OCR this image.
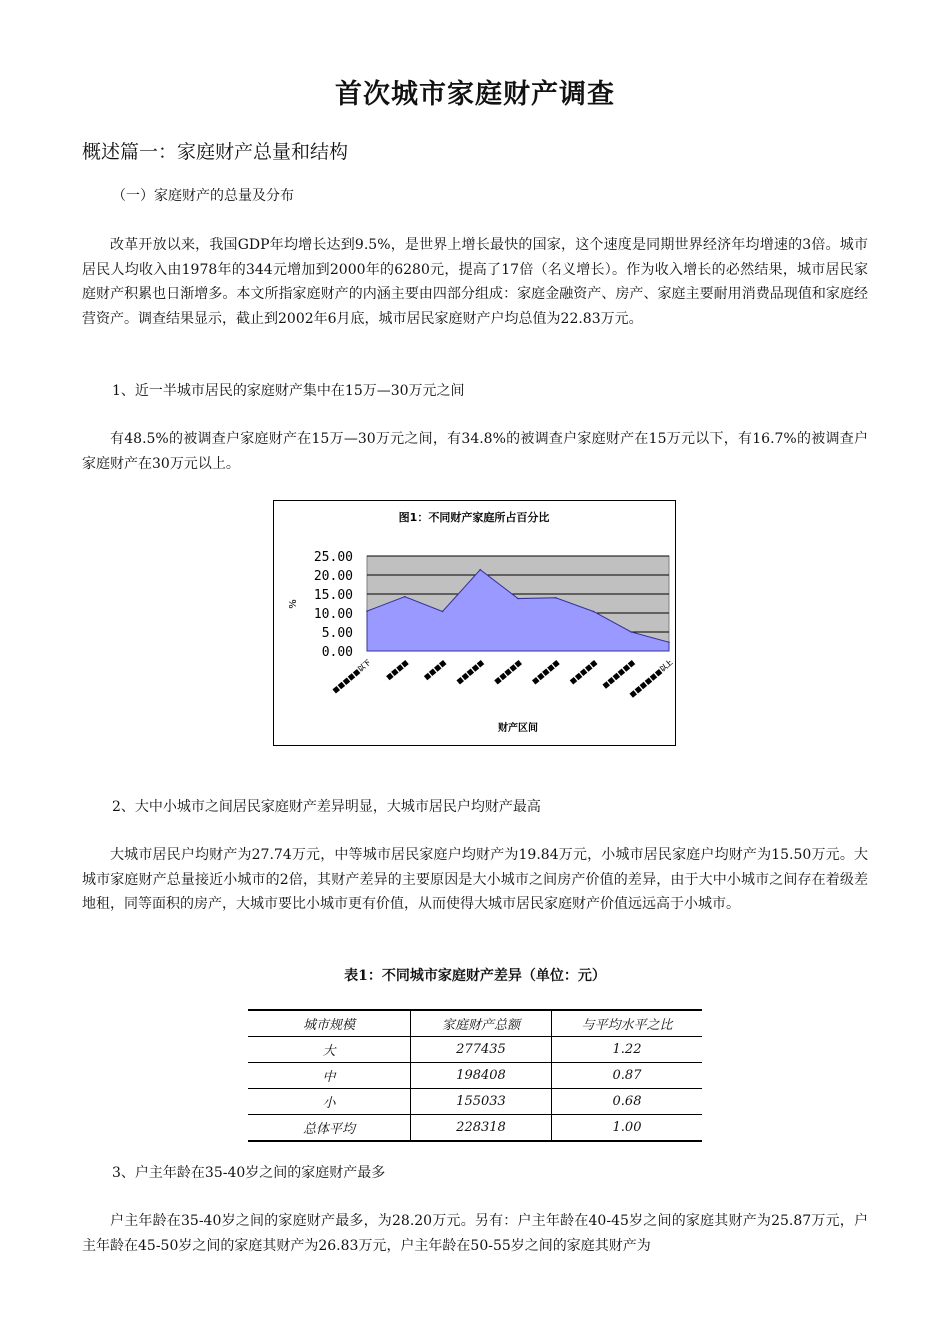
首次城市家庭财产调查
概述篇一：家庭财产总量和结构
（一）家庭财产的总量及分布

改革开放以来，我国GDP年均增长达到9.5%，是世界上增长最快的国家，这个速度是同期世界经济年均增速的3倍。城市居民人均收入由1978年的344元增加到2000年的6280元，提高了17倍（名义增长）。作为收入增长的必然结果，城市居民家庭财产积累也日渐增多。本文所指家庭财产的内涵主要由四部分组成：家庭金融资产、房产、家庭主要耐用消费品现值和家庭经营资产。调查结果显示，截止到2002年6月底，城市居民家庭财产户均总值为22.83万元。

1、近一半城市居民的家庭财产集中在15万—30万元之间

有48.5%的被调查户家庭财产在15万—30万元之间，有34.8%的被调查户家庭财产在15万元以下，有16.7%的被调查户家庭财产在30万元以上。

图1：不同财产家庭所占百分比
25.00
20.00
15.00
10.00
5.00
0.00
■■■■■以下 ■■■■ ■■■■ ■■■■■ ■■■■■ ■■■■■ ■■■■■ ■■■■■■
■■■■■■以上
%
财产区间
2、大中小城市之间居民家庭财产差异明显，大城市居民户均财产最高

大城市居民户均财产为27.74万元，中等城市居民家庭户均财产为19.84万元，小城市居民家庭户均财产为15.50万元。大城市家庭财产总量接近小城市的2倍，其财产差异的主要原因是大小城市之间房产价值的差异，由于大中小城市之间存在着级差地租，同等面积的房产，大城市要比小城市更有价值，从而使得大城市居民家庭财产价值远远高于小城市。

表1：不同城市家庭财产差异（单位：元）
城市规模	家庭财产总额	与平均水平之比
大	277435	1.22
中	198408	0.87
小	155033	0.68
总体平均	228318	1.00
3、户主年龄在35-40岁之间的家庭财产最多

户主年龄在35-40岁之间的家庭财产最多，为28.20万元。另有：户主年龄在40-45岁之间的家庭其财产为25.87万元，户主年龄在45-50岁之间的家庭其财产为26.83万元，户主年龄在50-55岁之间的家庭其财产为
